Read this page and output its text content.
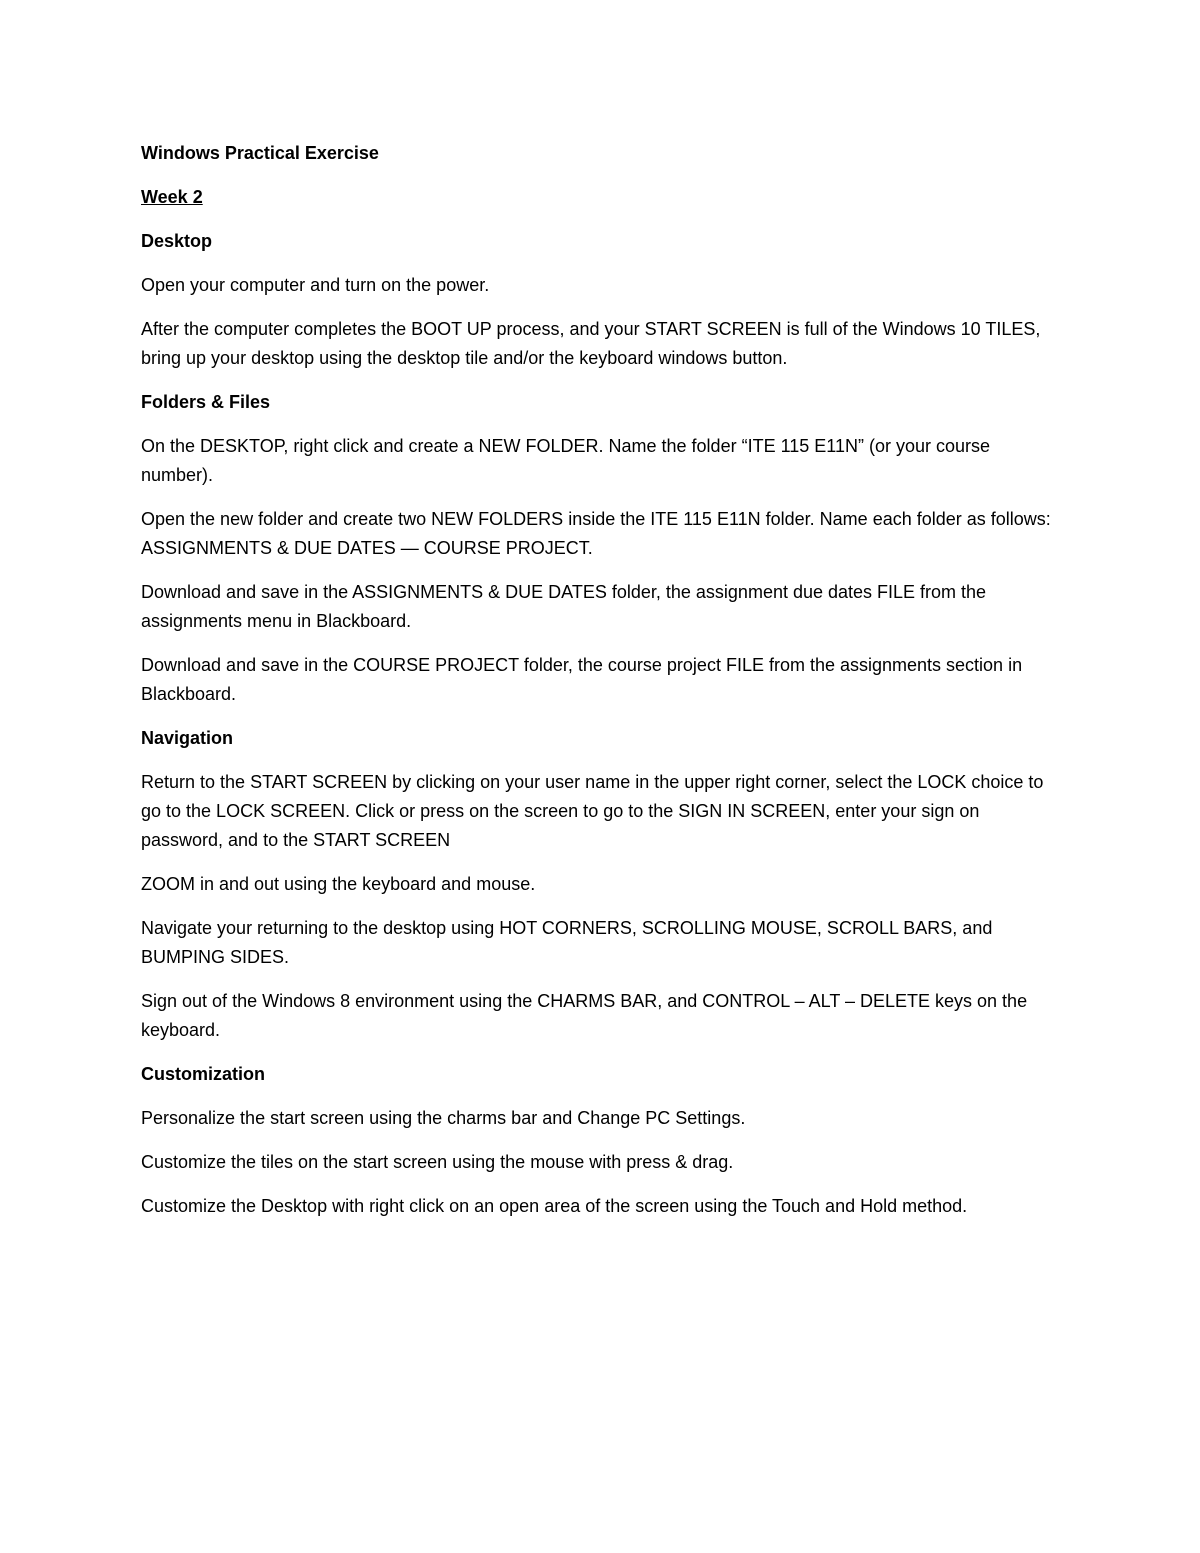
Windows Practical Exercise

Week 2

Desktop

Open your computer and turn on the power.

After the computer completes the BOOT UP process, and your START SCREEN is full of the Windows 10 TILES, bring up your desktop using the desktop tile and/or the keyboard windows button.

Folders & Files

On the DESKTOP, right click and create a NEW FOLDER. Name the folder “ITE 115 E11N” (or your course number).

Open the new folder and create two NEW FOLDERS inside the ITE 115 E11N folder. Name each folder as follows: ASSIGNMENTS & DUE DATES — COURSE PROJECT.

Download and save in the ASSIGNMENTS & DUE DATES folder, the assignment due dates FILE from the assignments menu in Blackboard.

Download and save in the COURSE PROJECT folder, the course project FILE from the assignments section in Blackboard.

Navigation

Return to the START SCREEN by clicking on your user name in the upper right corner, select the LOCK choice to go to the LOCK SCREEN. Click or press on the screen to go to the SIGN IN SCREEN, enter your sign on password, and to the START SCREEN

ZOOM in and out using the keyboard and mouse.

Navigate your returning to the desktop using HOT CORNERS, SCROLLING MOUSE, SCROLL BARS, and BUMPING SIDES.

Sign out of the Windows 8 environment using the CHARMS BAR, and CONTROL – ALT – DELETE keys on the keyboard.

Customization

Personalize the start screen using the charms bar and Change PC Settings.

Customize the tiles on the start screen using the mouse with press & drag.

Customize the Desktop with right click on an open area of the screen using the Touch and Hold method.
